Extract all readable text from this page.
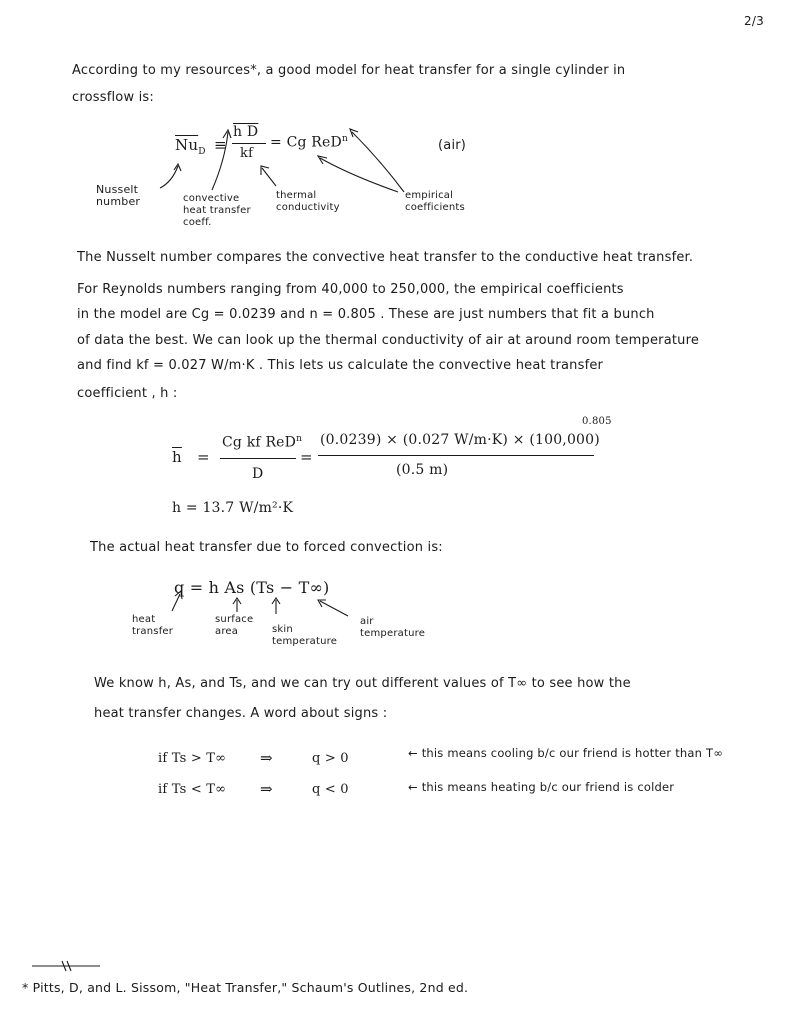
2/3
According to my resources*, a good model for heat transfer for a single cylinder in
crossflow is:
$\overline{Nu}_D$ ≡
h D
kf
= Cg ReD$^n$	(air)
Nusselt
number	convective
heat transfer
coeff.
thermal
conductivity
empirical
coefficients
The Nusselt number compares the convective heat transfer to the conductive heat transfer.
For Reynolds numbers ranging from 40,000 to 250,000, the empirical coefficients
in the model are Cg = 0.0239 and n = 0.805 . These are just numbers that fit a bunch
of data the best. We can look up the thermal conductivity of air at around room temperature
and find kf = 0.027 W/m·K . This lets us calculate the convective heat transfer
coefficient , h :
$\overline{h}$ =
Cg kf ReD$^n$
D
=
0.805
(0.0239) × (0.027 W/m·K) × (100,000)
(0.5 m)
h = 13.7 W/m²·K
The actual heat transfer due to forced convection is:
q = h As (Ts − T∞)
heat
transfer
surface
area	skin
temperature
air
temperature
We know h, As, and Ts, and we can try out different values of T∞ to see how the
heat transfer changes. A word about signs :
if Ts > T∞ ⇒	q > 0	← this means cooling b/c our friend is hotter than T∞
if Ts < T∞ ⇒	q < 0	← this means heating b/c our friend is colder
* Pitts, D, and L. Sissom, "Heat Transfer," Schaum's Outlines, 2nd ed.
